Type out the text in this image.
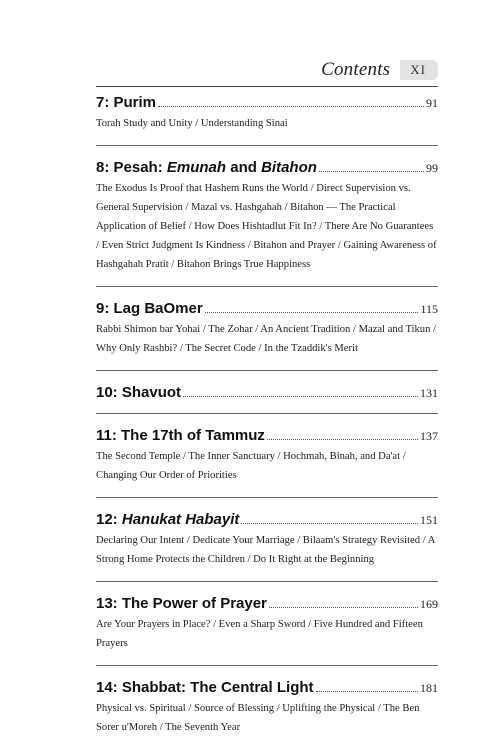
Contents XI
7: Purim	91
Torah Study and Unity / Understanding Sinai
8: Pesah: Emunah and Bitahon	99
The Exodus Is Proof that Hashem Runs the World / Direct Supervision vs. General Supervision / Mazal vs. Hashgahah / Bitahon — The Practical Application of Belief / How Does Hishtadlut Fit In? / There Are No Guarantees / Even Strict Judgment Is Kindness / Bitahon and Prayer / Gaining Awareness of Hashgahah Pratit / Bitahon Brings True Happiness
9: Lag BaOmer	115
Rabbi Shimon bar Yohai / The Zohar / An Ancient Tradition / Mazal and Tikun / Why Only Rashbi? / The Secret Code / In the Tzaddik's Merit
10: Shavuot	131
11: The 17th of Tammuz	137
The Second Temple / The Inner Sanctuary / Hochmah, Binah, and Da'at / Changing Our Order of Priorities
12: Hanukat Habayit	151
Declaring Our Intent / Dedicate Your Marriage / Bilaam's Strategy Revisited / A Strong Home Protects the Children / Do It Right at the Beginning
13: The Power of Prayer	169
Are Your Prayers in Place? / Even a Sharp Sword / Five Hundred and Fifteen Prayers
14: Shabbat: The Central Light	181
Physical vs. Spiritual / Source of Blessing / Uplifting the Physical / The Ben Sorer u'Moreh / The Seventh Year
